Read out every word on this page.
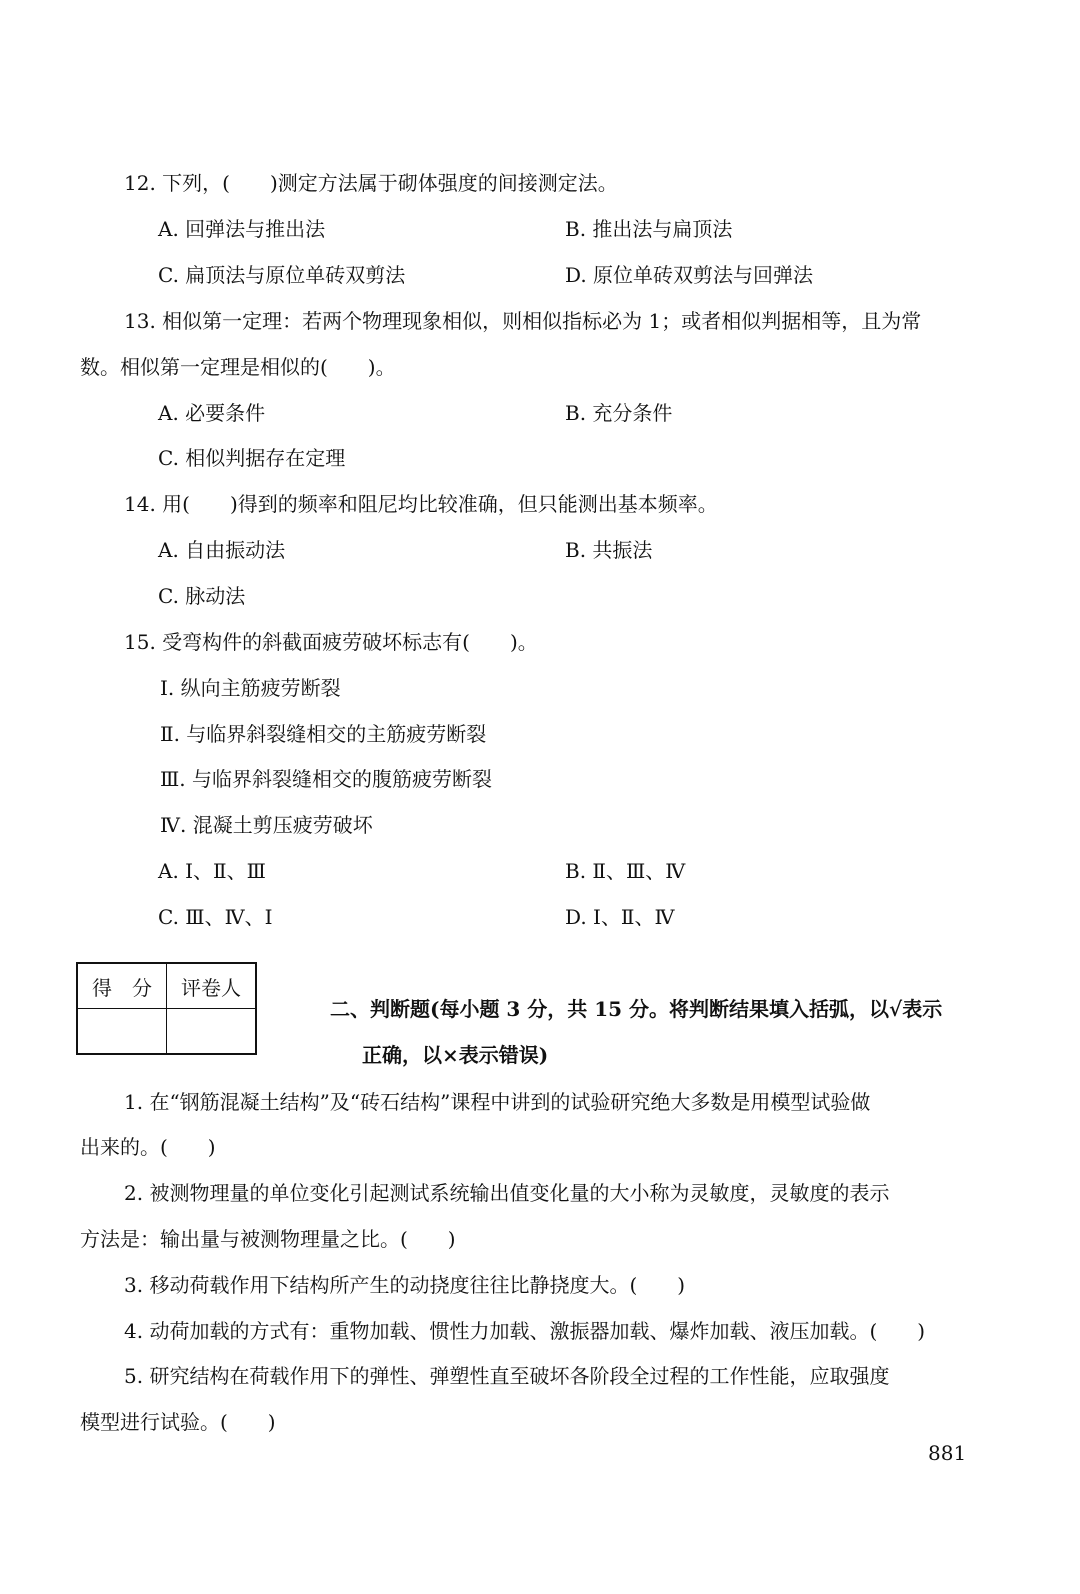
12. 下列，(　　)测定方法属于砌体强度的间接测定法。
A. 回弹法与推出法	B. 推出法与扁顶法
C. 扁顶法与原位单砖双剪法	D. 原位单砖双剪法与回弹法
13. 相似第一定理：若两个物理现象相似，则相似指标必为 1；或者相似判据相等，且为常
数。相似第一定理是相似的(　　)。
A. 必要条件	B. 充分条件
C. 相似判据存在定理
14. 用(　　)得到的频率和阻尼均比较准确，但只能测出基本频率。
A. 自由振动法	B. 共振法
C. 脉动法
15. 受弯构件的斜截面疲劳破坏标志有(　　)。
Ⅰ. 纵向主筋疲劳断裂
Ⅱ. 与临界斜裂缝相交的主筋疲劳断裂
Ⅲ. 与临界斜裂缝相交的腹筋疲劳断裂
Ⅳ. 混凝土剪压疲劳破坏
A. Ⅰ、Ⅱ、Ⅲ	B. Ⅱ、Ⅲ、Ⅳ
C. Ⅲ、Ⅳ、Ⅰ	D. Ⅰ、Ⅱ、Ⅳ
得　分	评卷人

二、判断题(每小题 3 分，共 15 分。将判断结果填入括弧，以√表示
正确，以×表示错误)
1. 在“钢筋混凝土结构”及“砖石结构”课程中讲到的试验研究绝大多数是用模型试验做
出来的。(　　)
2. 被测物理量的单位变化引起测试系统输出值变化量的大小称为灵敏度，灵敏度的表示
方法是：输出量与被测物理量之比。(　　)
3. 移动荷载作用下结构所产生的动挠度往往比静挠度大。(　　)
4. 动荷加载的方式有：重物加载、惯性力加载、激振器加载、爆炸加载、液压加载。(　　)
5. 研究结构在荷载作用下的弹性、弹塑性直至破坏各阶段全过程的工作性能，应取强度
模型进行试验。(　　)
881
